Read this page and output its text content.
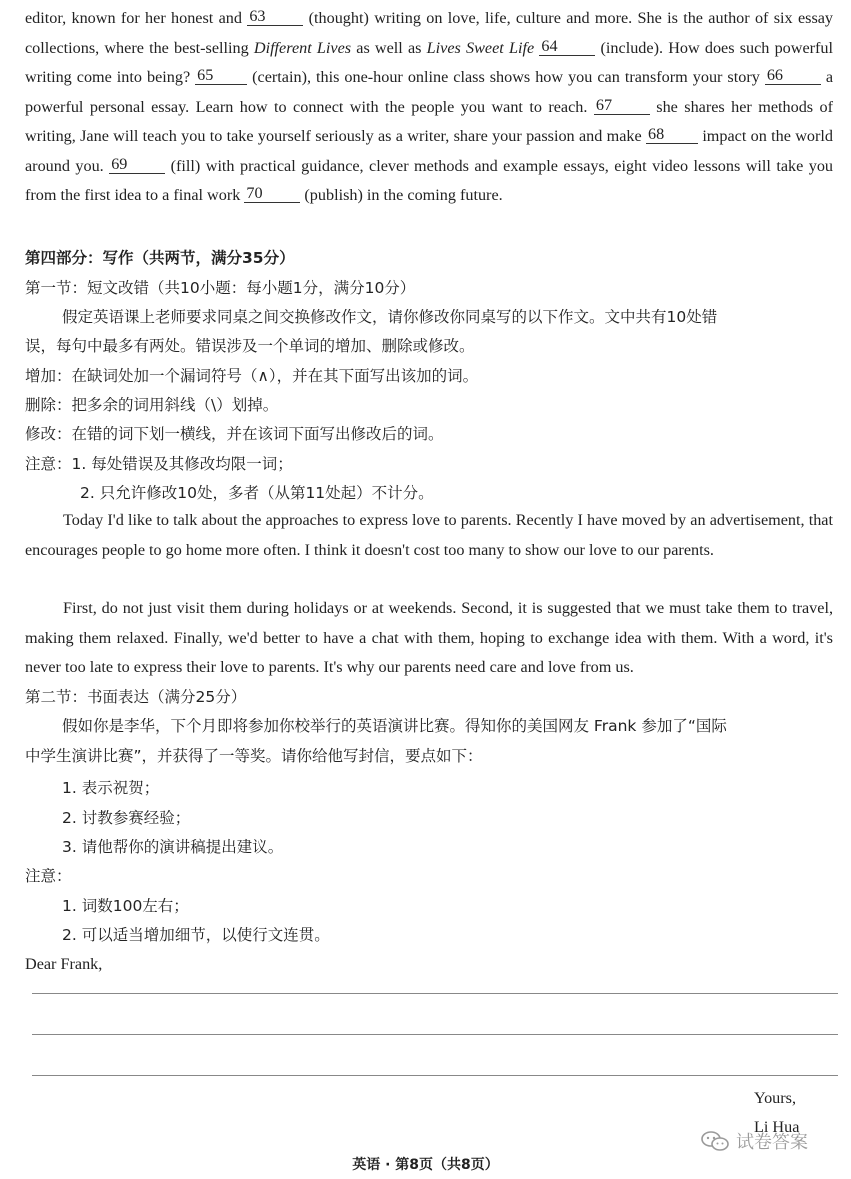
editor, known for her honest and 63	(thought) writing on love, life, culture and more. She is the author of six essay collections, where the best-selling Different Lives as well as Lives Sweet Life 64	(include). How does such powerful writing come into being? 65 (certain), this one-hour online class shows how you can transform your story 66	a powerful personal essay. Learn how to connect with the people you want to reach. 67	she shares her methods of writing, Jane will teach you to take yourself seriously as a writer, share your passion and make 68 impact on the world around you. 69	(fill) with practical guidance, clever methods and example essays, eight video lessons will take you from the first idea to a final work 70	(publish) in the coming future.

第四部分：写作（共两节，满分35分）
第一节：短文改错（共10小题：每小题1分，满分10分）
假定英语课上老师要求同桌之间交换修改作文，请你修改你同桌写的以下作文。文中共有10处错
误，每句中最多有两处。错误涉及一个单词的增加、删除或修改。
增加：在缺词处加一个漏词符号（∧），并在其下面写出该加的词。
删除：把多余的词用斜线（\）划掉。
修改：在错的词下划一横线，并在该词下面写出修改后的词。
注意：1. 每处错误及其修改均限一词；
2. 只允许修改10处，多者（从第11处起）不计分。

Today I'd like to talk about the approaches to express love to parents. Recently I have moved by an advertisement, that encourages people to go home more often. I think it doesn't cost too many to show our love to our parents.

First, do not just visit them during holidays or at weekends. Second, it is suggested that we must take them to travel, making them relaxed. Finally, we'd better to have a chat with them, hoping to exchange idea with them. With a word, it's never too late to express their love to parents. It's why our parents need care and love from us.

第二节：书面表达（满分25分）
假如你是李华，下个月即将参加你校举行的英语演讲比赛。得知你的美国网友 Frank 参加了“国际
中学生演讲比赛”，并获得了一等奖。请你给他写封信，要点如下：
1. 表示祝贺；
2. 讨教参赛经验；
3. 请他帮你的演讲稿提出建议。
注意：
1. 词数100左右；
2. 可以适当增加细节，以使行文连贯。
Dear Frank,
Yours,
Li Hua
试卷答案
英语 · 第8页（共8页）
